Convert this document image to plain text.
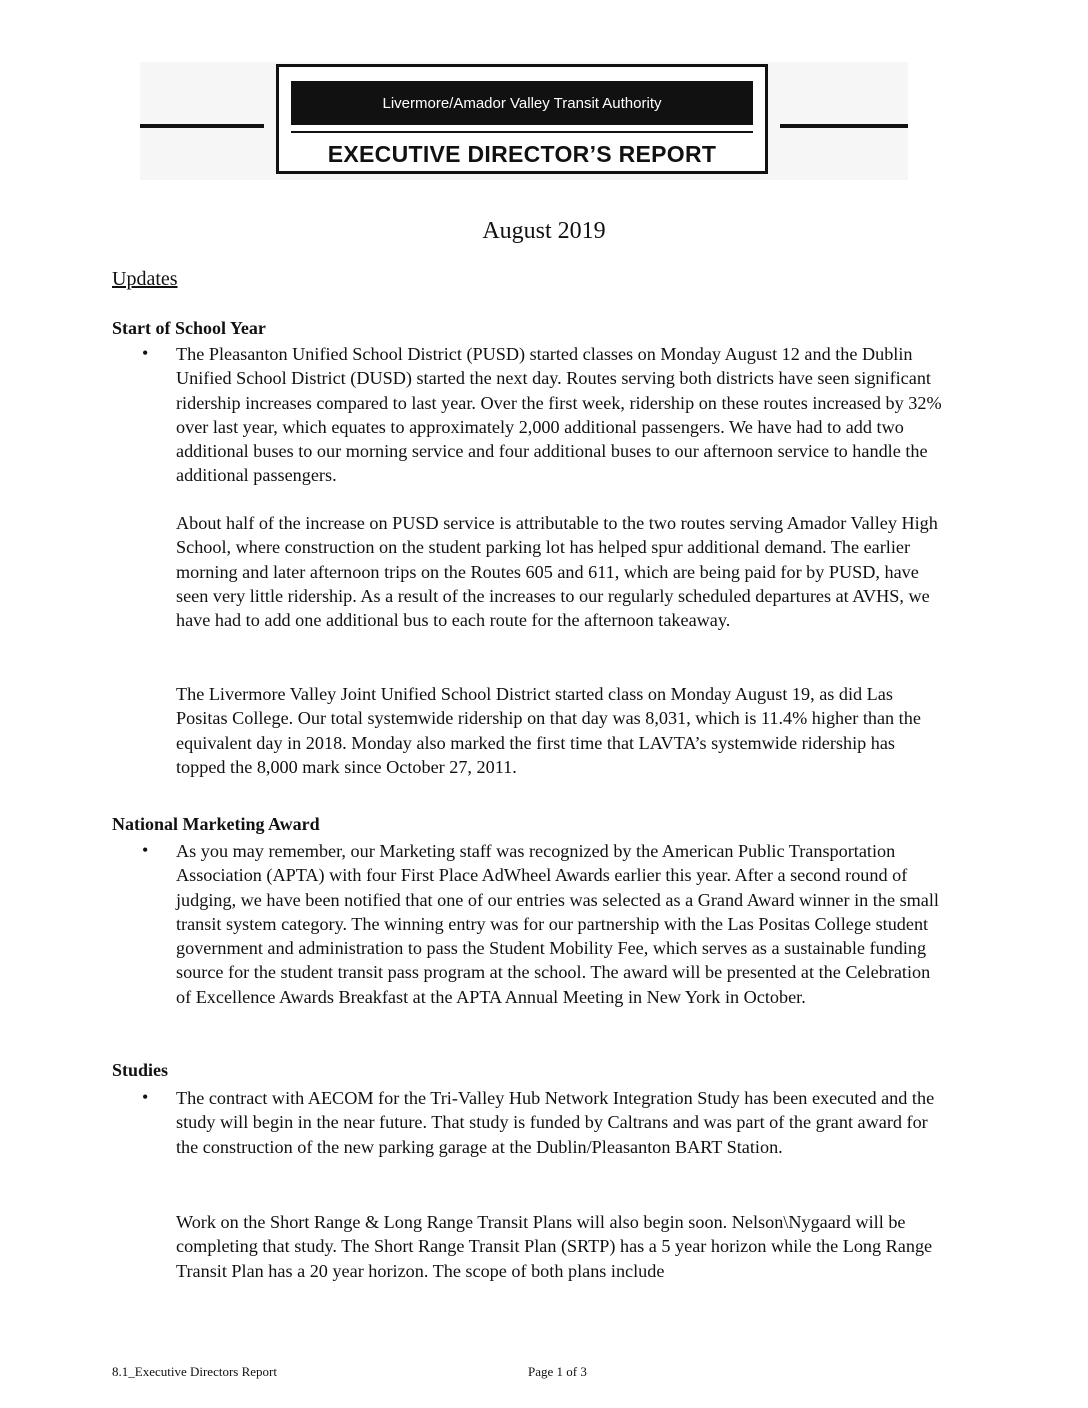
Livermore/Amador Valley Transit Authority
EXECUTIVE DIRECTOR’S REPORT
August 2019
Updates
Start of School Year
• The Pleasanton Unified School District (PUSD) started classes on Monday August 12 and the Dublin Unified School District (DUSD) started the next day. Routes serving both districts have seen significant ridership increases compared to last year. Over the first week, ridership on these routes increased by 32% over last year, which equates to approximately 2,000 additional passengers. We have had to add two additional buses to our morning service and four additional buses to our afternoon service to handle the additional passengers.

About half of the increase on PUSD service is attributable to the two routes serving Amador Valley High School, where construction on the student parking lot has helped spur additional demand. The earlier morning and later afternoon trips on the Routes 605 and 611, which are being paid for by PUSD, have seen very little ridership. As a result of the increases to our regularly scheduled departures at AVHS, we have had to add one additional bus to each route for the afternoon takeaway.

The Livermore Valley Joint Unified School District started class on Monday August 19, as did Las Positas College. Our total systemwide ridership on that day was 8,031, which is 11.4% higher than the equivalent day in 2018. Monday also marked the first time that LAVTA’s systemwide ridership has topped the 8,000 mark since October 27, 2011.

National Marketing Award
• As you may remember, our Marketing staff was recognized by the American Public Transportation Association (APTA) with four First Place AdWheel Awards earlier this year. After a second round of judging, we have been notified that one of our entries was selected as a Grand Award winner in the small transit system category. The winning entry was for our partnership with the Las Positas College student government and administration to pass the Student Mobility Fee, which serves as a sustainable funding source for the student transit pass program at the school. The award will be presented at the Celebration of Excellence Awards Breakfast at the APTA Annual Meeting in New York in October.

Studies
• The contract with AECOM for the Tri-Valley Hub Network Integration Study has been executed and the study will begin in the near future. That study is funded by Caltrans and was part of the grant award for the construction of the new parking garage at the Dublin/Pleasanton BART Station.

Work on the Short Range & Long Range Transit Plans will also begin soon. Nelson\Nygaard will be completing that study. The Short Range Transit Plan (SRTP) has a 5 year horizon while the Long Range Transit Plan has a 20 year horizon. The scope of both plans include

8.1_Executive Directors Report	Page 1 of 3
